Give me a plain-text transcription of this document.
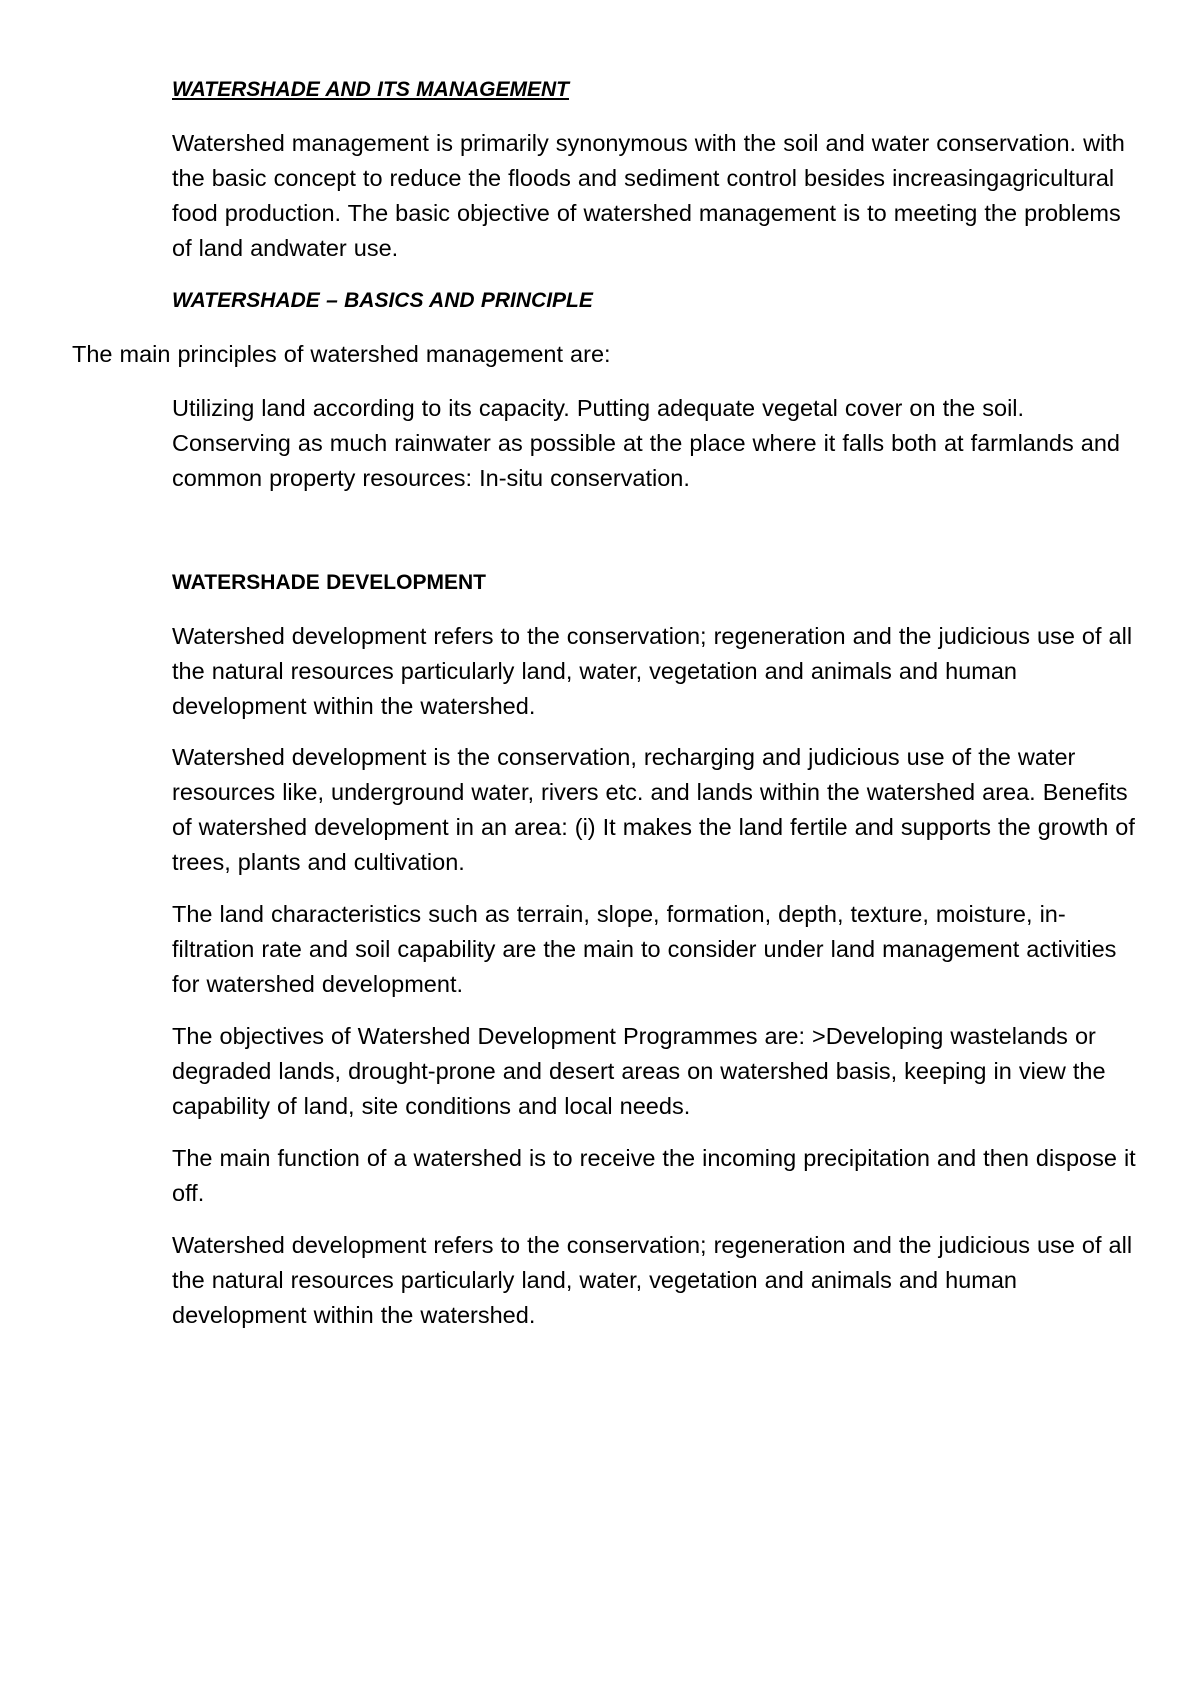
WATERSHADE AND ITS MANAGEMENT

Watershed management is primarily synonymous with the soil and water conservation. with the basic concept to reduce the floods and sediment control besides increasingagricultural food production. The basic objective of watershed management is to meeting the problems of land andwater use.

WATERSHADE – BASICS AND PRINCIPLE

The main principles of watershed management are:

Utilizing land according to its capacity. Putting adequate vegetal cover on the soil. Conserving as much rainwater as possible at the place where it falls both at farmlands and common property resources: In-situ conservation.

WATERSHADE DEVELOPMENT

Watershed development refers to the conservation; regeneration and the judicious use of all the natural resources particularly land, water, vegetation and animals and human development within the watershed.

Watershed development is the conservation, recharging and judicious use of the water resources like, underground water, rivers etc. and lands within the watershed area. Benefits of watershed development in an area: (i) It makes the land fertile and supports the growth of trees, plants and cultivation.

The land characteristics such as terrain, slope, formation, depth, texture, moisture, in-filtration rate and soil capability are the main to consider under land management activities for watershed development.

The objectives of Watershed Development Programmes are: >Developing wastelands or degraded lands, drought-prone and desert areas on watershed basis, keeping in view the capability of land, site conditions and local needs.

The main function of a watershed is to receive the incoming precipitation and then dispose it off.

Watershed development refers to the conservation; regeneration and the judicious use of all the natural resources particularly land, water, vegetation and animals and human development within the watershed.
